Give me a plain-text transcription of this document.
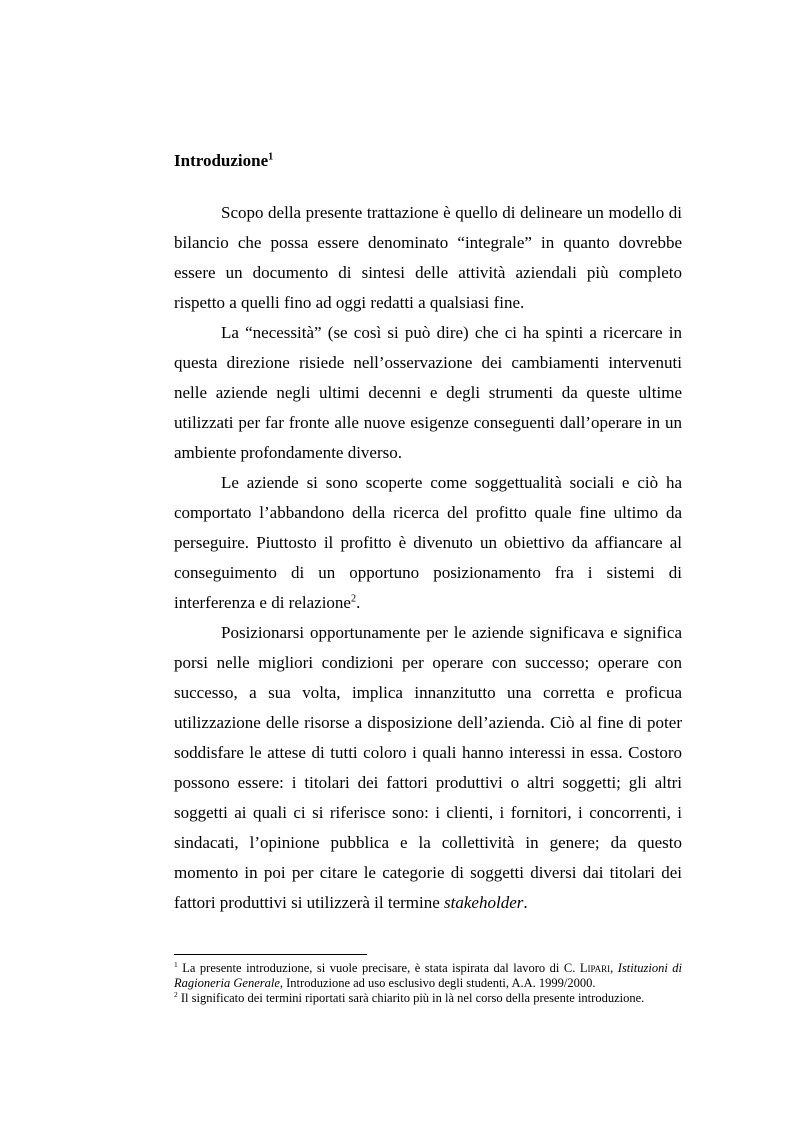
Introduzione$^1$

Scopo della presente trattazione è quello di delineare un modello di bilancio che possa essere denominato “integrale” in quanto dovrebbe essere un documento di sintesi delle attività aziendali più completo rispetto a quelli fino ad oggi redatti a qualsiasi fine.

La “necessità” (se così si può dire) che ci ha spinti a ricercare in questa direzione risiede nell’osservazione dei cambiamenti intervenuti nelle aziende negli ultimi decenni e degli strumenti da queste ultime utilizzati per far fronte alle nuove esigenze conseguenti dall’operare in un ambiente profondamente diverso.

Le aziende si sono scoperte come soggettualità sociali e ciò ha comportato l’abbandono della ricerca del profitto quale fine ultimo da perseguire. Piuttosto il profitto è divenuto un obiettivo da affiancare al conseguimento di un opportuno posizionamento fra i sistemi di interferenza e di relazione$^2$.

Posizionarsi opportunamente per le aziende significava e significa porsi nelle migliori condizioni per operare con successo; operare con successo, a sua volta, implica innanzitutto una corretta e proficua utilizzazione delle risorse a disposizione dell’azienda. Ciò al fine di poter soddisfare le attese di tutti coloro i quali hanno interessi in essa. Costoro possono essere: i titolari dei fattori produttivi o altri soggetti; gli altri soggetti ai quali ci si riferisce sono: i clienti, i fornitori, i concorrenti, i sindacati, l’opinione pubblica e la collettività in genere; da questo momento in poi per citare le categorie di soggetti diversi dai titolari dei fattori produttivi si utilizzerà il termine stakeholder.

$^1$ La presente introduzione, si vuole precisare, è stata ispirata dal lavoro di C. Lipari, Istituzioni di Ragioneria Generale, Introduzione ad uso esclusivo degli studenti, A.A. 1999/2000.

$^2$ Il significato dei termini riportati sarà chiarito più in là nel corso della presente introduzione.
